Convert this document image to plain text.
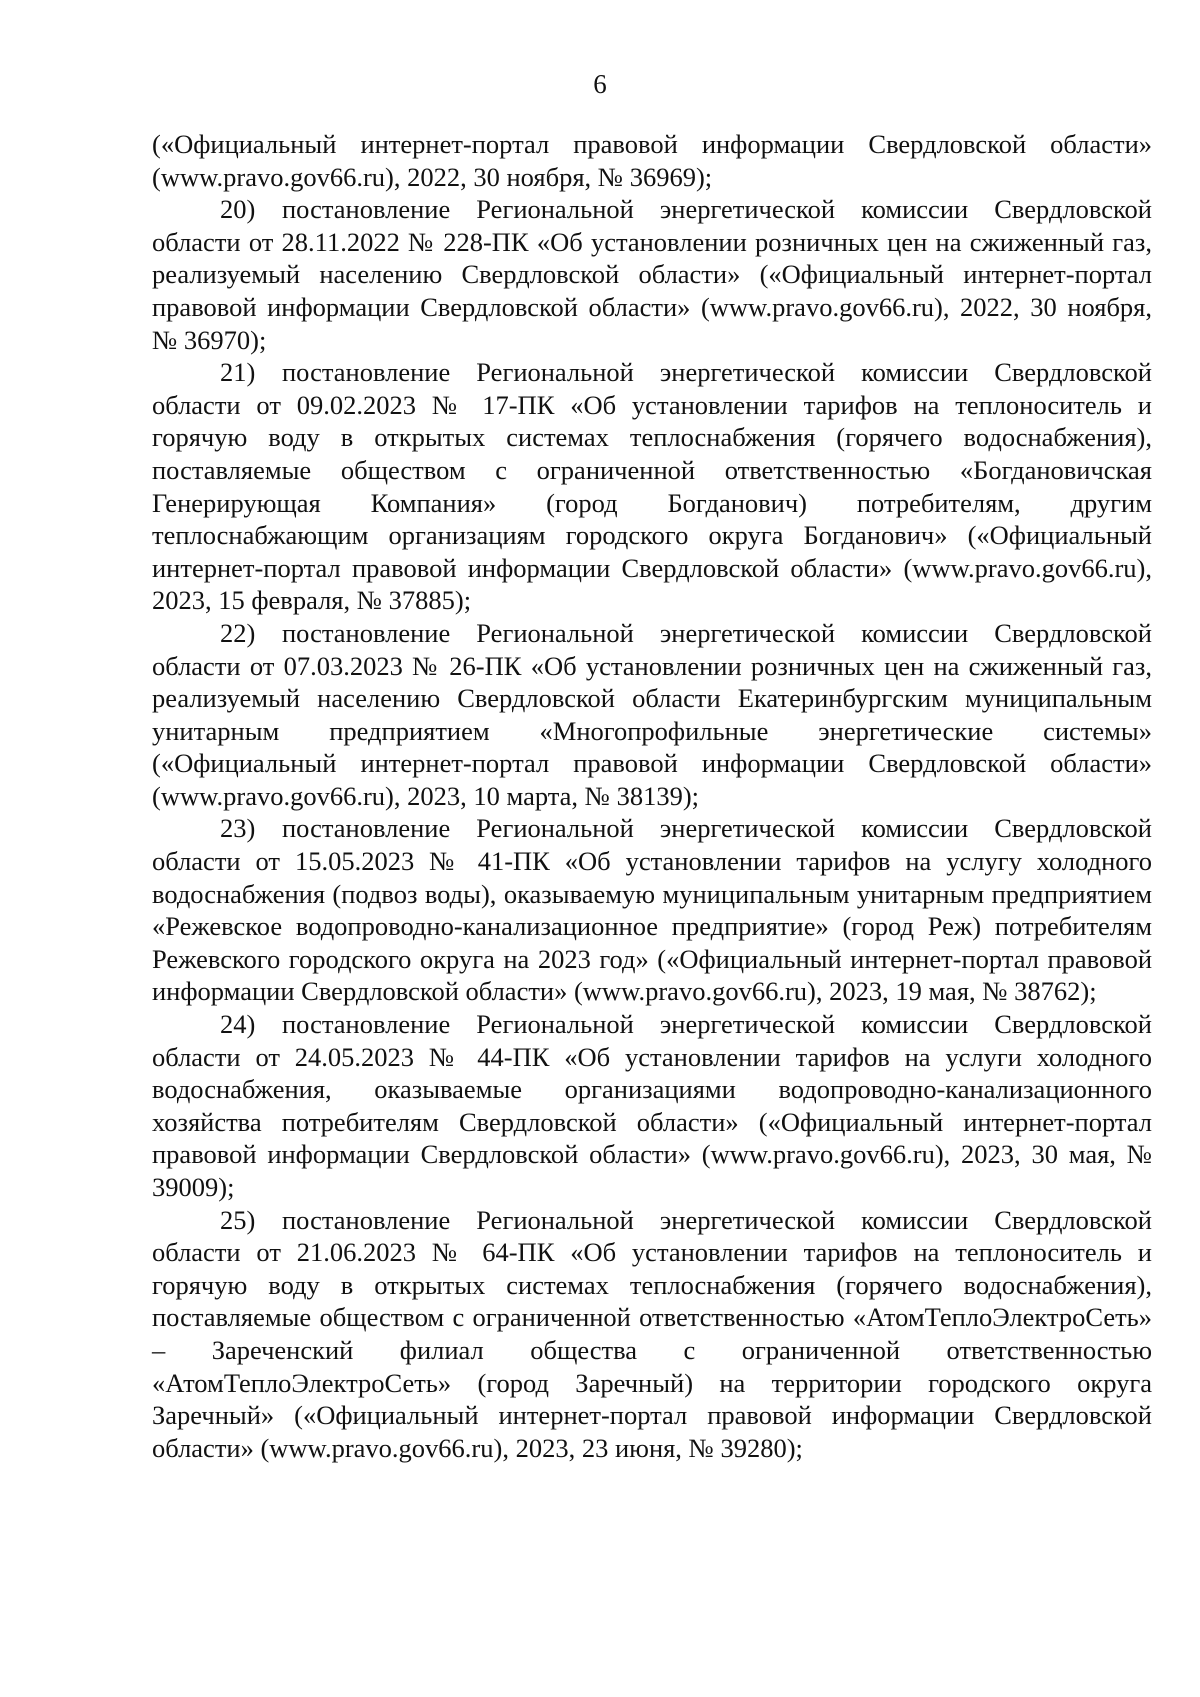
6

(«Официальный интернет-портал правовой информации Свердловской области» (www.pravo.gov66.ru), 2022, 30 ноября, № 36969);

20) постановление Региональной энергетической комиссии Свердловской области от 28.11.2022 № 228-ПК «Об установлении розничных цен на сжиженный газ, реализуемый населению Свердловской области» («Официальный интернет-портал правовой информации Свердловской области» (www.pravo.gov66.ru), 2022, 30 ноября, № 36970);

21) постановление Региональной энергетической комиссии Свердловской области от 09.02.2023 № 17-ПК «Об установлении тарифов на теплоноситель и горячую воду в открытых системах теплоснабжения (горячего водоснабжения), поставляемые обществом с ограниченной ответственностью «Богдановичская Генерирующая Компания» (город Богданович) потребителям, другим теплоснабжающим организациям городского округа Богданович» («Официальный интернет-портал правовой информации Свердловской области» (www.pravo.gov66.ru), 2023, 15 февраля, № 37885);

22) постановление Региональной энергетической комиссии Свердловской области от 07.03.2023 № 26-ПК «Об установлении розничных цен на сжиженный газ, реализуемый населению Свердловской области Екатеринбургским муниципальным унитарным предприятием «Многопрофильные энергетические системы» («Официальный интернет-портал правовой информации Свердловской области» (www.pravo.gov66.ru), 2023, 10 марта, № 38139);

23) постановление Региональной энергетической комиссии Свердловской области от 15.05.2023 № 41-ПК «Об установлении тарифов на услугу холодного водоснабжения (подвоз воды), оказываемую муниципальным унитарным предприятием «Режевское водопроводно-канализационное предприятие» (город Реж) потребителям Режевского городского округа на 2023 год» («Официальный интернет-портал правовой информации Свердловской области» (www.pravo.gov66.ru), 2023, 19 мая, № 38762);

24) постановление Региональной энергетической комиссии Свердловской области от 24.05.2023 № 44-ПК «Об установлении тарифов на услуги холодного водоснабжения, оказываемые организациями водопроводно-канализационного хозяйства потребителям Свердловской области» («Официальный интернет-портал правовой информации Свердловской области» (www.pravo.gov66.ru), 2023, 30 мая, № 39009);

25) постановление Региональной энергетической комиссии Свердловской области от 21.06.2023 № 64-ПК «Об установлении тарифов на теплоноситель и горячую воду в открытых системах теплоснабжения (горячего водоснабжения), поставляемые обществом с ограниченной ответственностью «АтомТеплоЭлектроСеть» – Зареченский филиал общества с ограниченной ответственностью «АтомТеплоЭлектроСеть» (город Заречный) на территории городского округа Заречный» («Официальный интернет-портал правовой информации Свердловской области» (www.pravo.gov66.ru), 2023, 23 июня, № 39280);
